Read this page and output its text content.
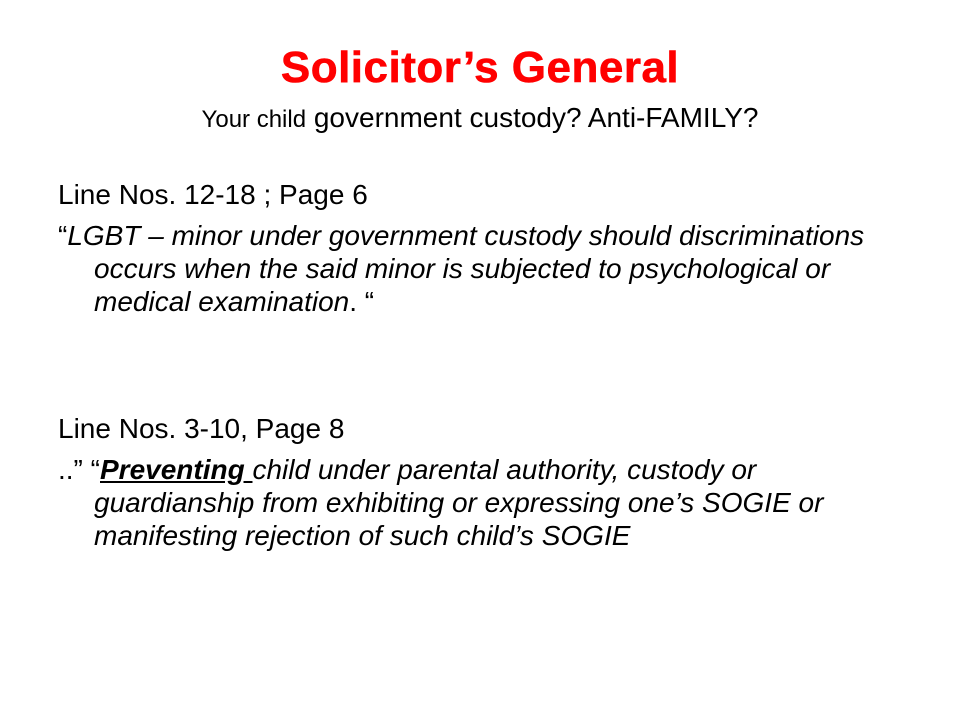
Solicitor’s General

Your child government custody? Anti-FAMILY?

Line Nos. 12-18 ; Page 6

“LGBT – minor under government custody should discriminations occurs when the said minor is subjected to psychological or medical examination. “

Line Nos. 3-10, Page 8

..” “Preventing child under parental authority, custody or guardianship from exhibiting or expressing one’s SOGIE or manifesting rejection of such child’s SOGIE
